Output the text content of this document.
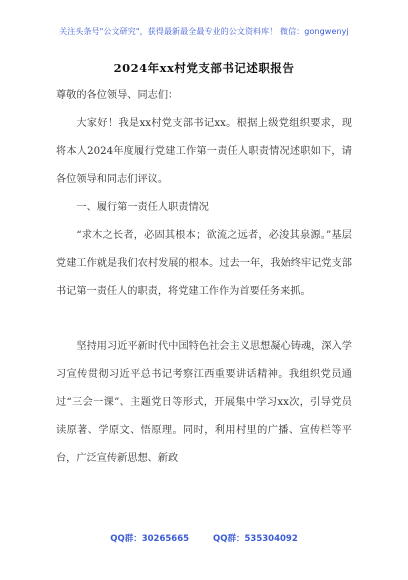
关注头条号"公文研究"，获得最新最全最专业的公文资料库！ 微信：gongwenyj
2024年xx村党支部书记述职报告
尊敬的各位领导、同志们：
大家好！我是xx村党支部书记xx。根据上级党组织要求，现将本人2024年度履行党建工作第一责任人职责情况述职如下，请各位领导和同志们评议。
一、履行第一责任人职责情况
“求木之长者，必固其根本；欲流之远者，必浚其泉源。”基层党建工作就是我们农村发展的根本。过去一年，我始终牢记党支部书记第一责任人的职责，将党建工作作为首要任务来抓。
坚持用习近平新时代中国特色社会主义思想凝心铸魂，深入学习宣传贯彻习近平总书记考察江西重要讲话精神。我组织党员通过“三会一课”、主题党日等形式，开展集中学习xx次，引导党员读原著、学原文、悟原理。同时，利用村里的广播、宣传栏等平台，广泛宣传新思想、新政
QQ群：30265665	QQ群：535304092
